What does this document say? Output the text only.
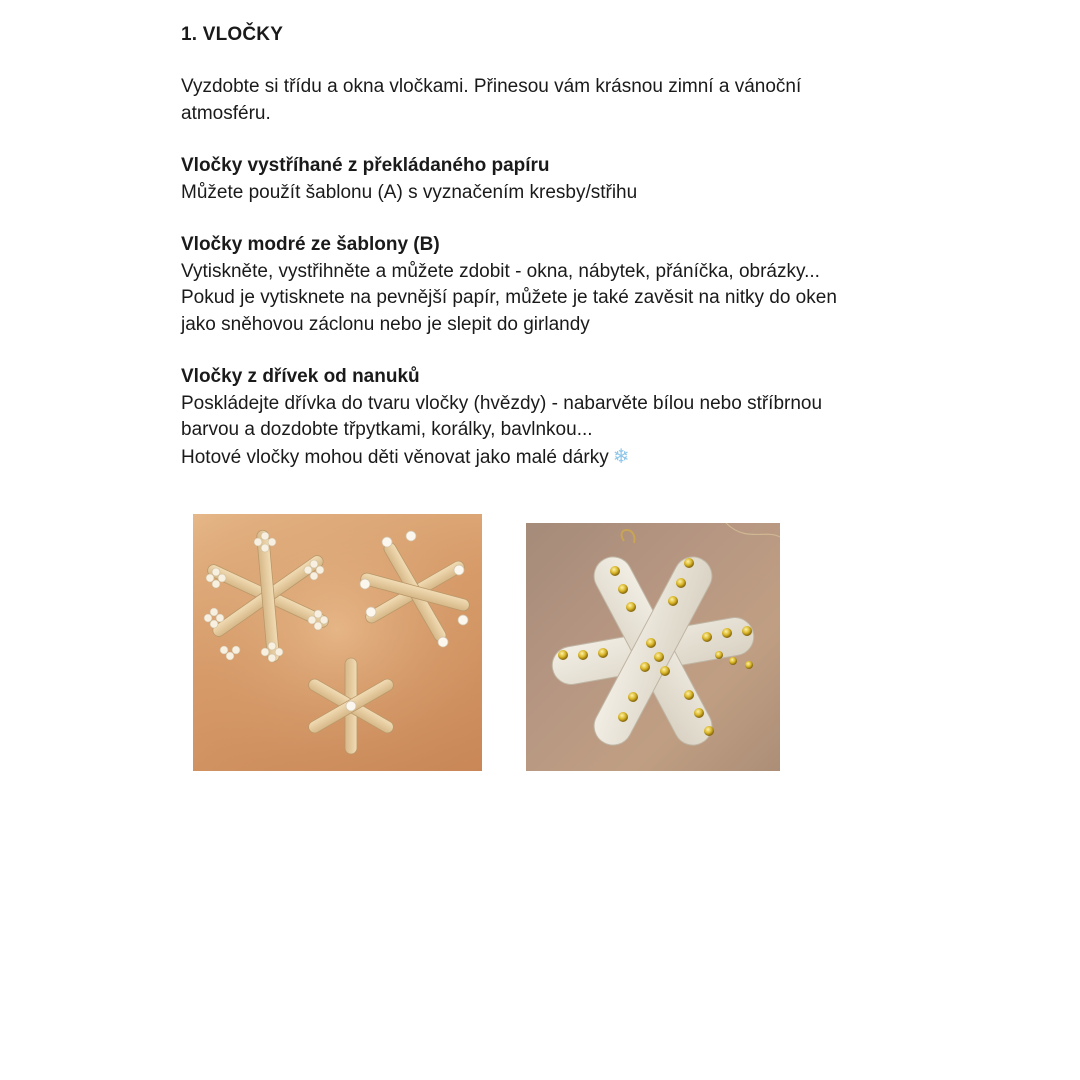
1. VLOČKY

Vyzdobte si třídu a okna vločkami. Přinesou vám krásnou zimní a vánoční
atmosféru.

Vločky vystříhané z překládaného papíru

Můžete použít šablonu (A) s vyznačením kresby/střihu

Vločky modré ze šablony (B)

Vytiskněte, vystřihněte a můžete zdobit - okna, nábytek, přáníčka, obrázky...
Pokud je vytisknete na pevnější papír, můžete je také zavěsit na nitky do oken
jako sněhovou záclonu nebo je slepit do girlandy

Vločky z dřívek od nanuků

Poskládejte dřívka do tvaru vločky (hvězdy) - nabarvěte bílou nebo stříbrnou
barvou a dozdobte třpytkami, korálky, bavlnkou...
Hotové vločky mohou děti věnovat jako malé dárky ❄
